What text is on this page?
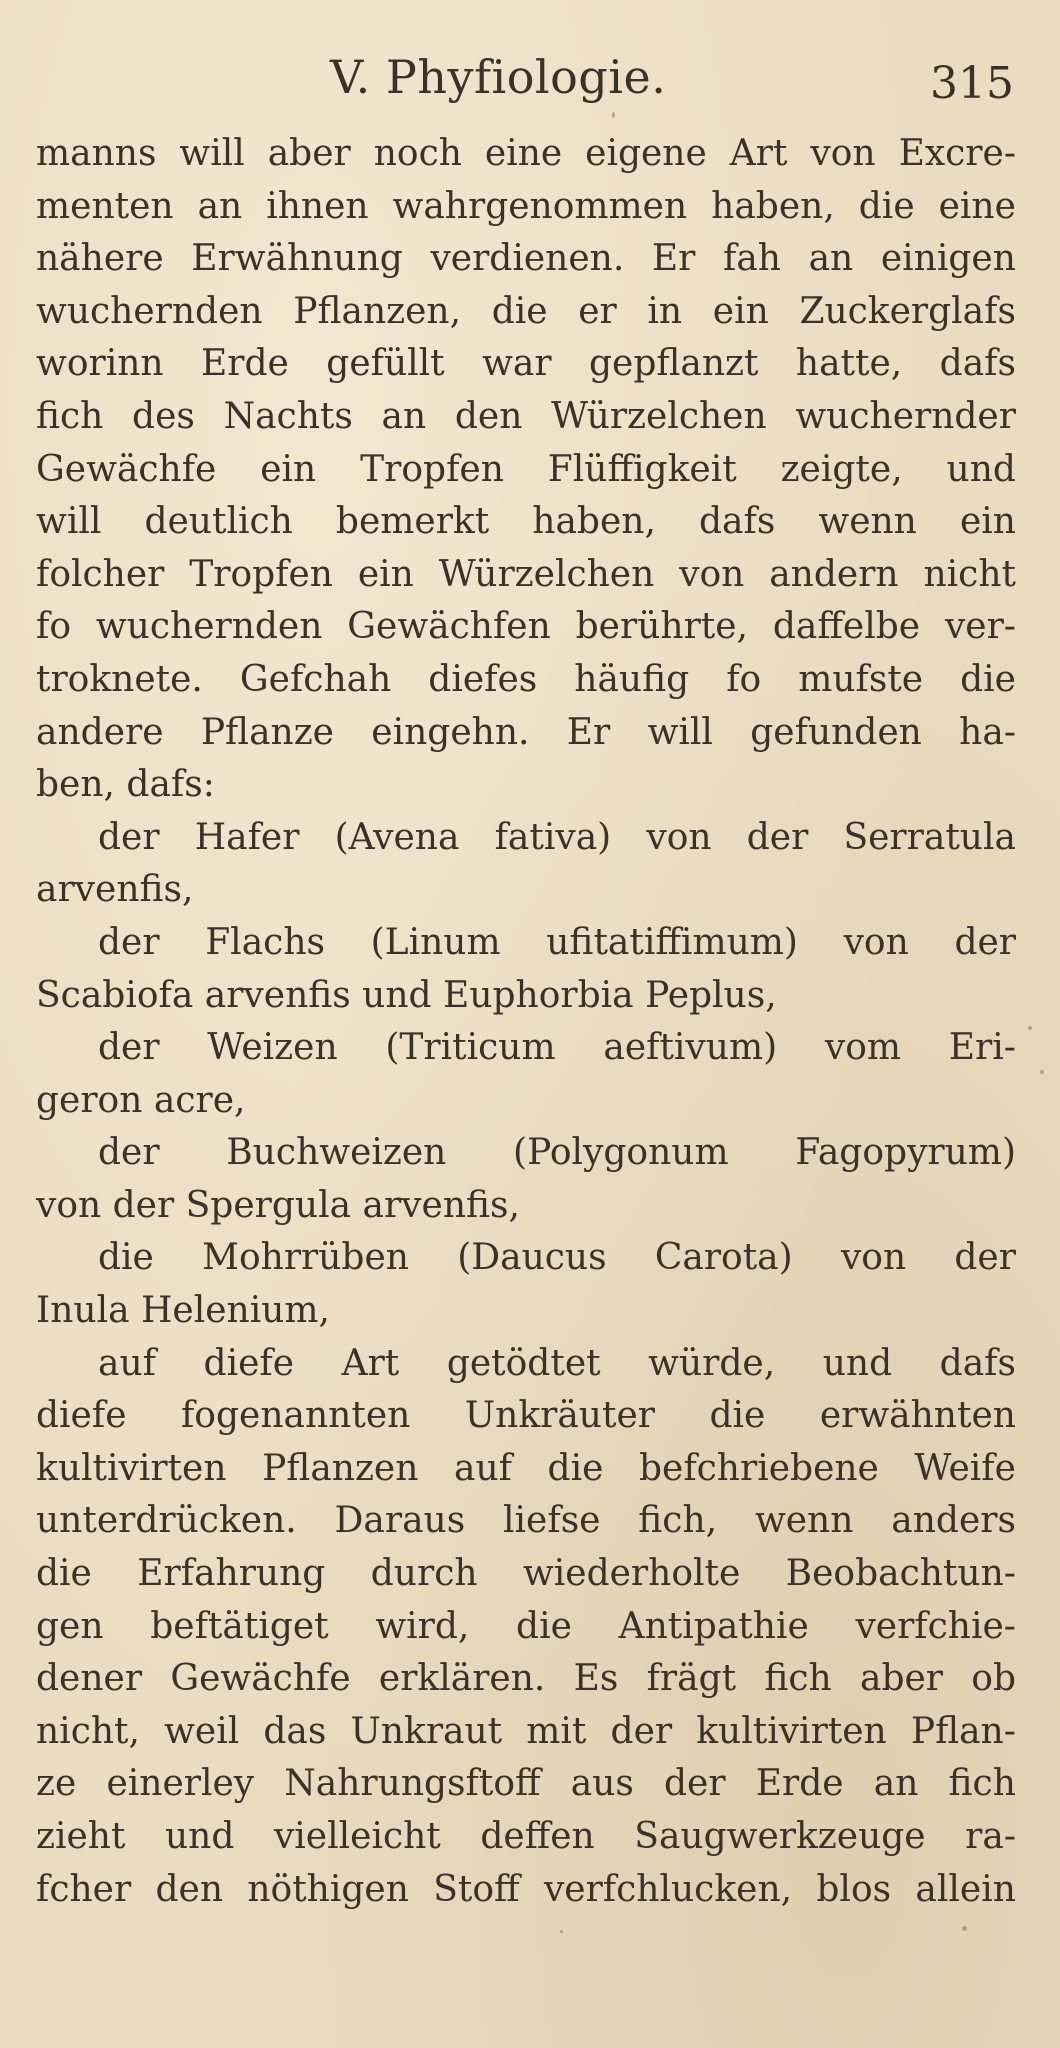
V. Phyfiologie.	315
manns will aber noch eine eigene Art von Excre-
menten an ihnen wahrgenommen haben, die eine
nähere Erwähnung verdienen. Er fah an einigen
wuchernden Pflanzen, die er in ein Zuckerglafs
worinn Erde gefüllt war gepflanzt hatte, dafs
fich des Nachts an den Würzelchen wuchernder
Gewächfe ein Tropfen Flüffigkeit zeigte, und
will deutlich bemerkt haben, dafs wenn ein
folcher Tropfen ein Würzelchen von andern nicht
fo wuchernden Gewächfen berührte, daffelbe ver-
troknete. Gefchah diefes häufig fo mufste die
andere Pflanze eingehn. Er will gefunden ha-
ben, dafs:
der Hafer (Avena fativa) von der Serratula
arvenfis,
der Flachs (Linum ufitatiffimum) von der
Scabiofa arvenfis und Euphorbia Peplus,
der Weizen (Triticum aeftivum) vom Eri-
geron acre,
der Buchweizen (Polygonum Fagopyrum)
von der Spergula arvenfis,
die Mohrrüben (Daucus Carota) von der
Inula Helenium,
auf diefe Art getödtet würde, und dafs
diefe fogenannten Unkräuter die erwähnten
kultivirten Pflanzen auf die befchriebene Weife
unterdrücken. Daraus liefse fich, wenn anders
die Erfahrung durch wiederholte Beobachtun-
gen beftätiget wird, die Antipathie verfchie-
dener Gewächfe erklären. Es frägt fich aber ob
nicht, weil das Unkraut mit der kultivirten Pflan-
ze einerley Nahrungsftoff aus der Erde an fich
zieht und vielleicht deffen Saugwerkzeuge ra-
fcher den nöthigen Stoff verfchlucken, blos allein
